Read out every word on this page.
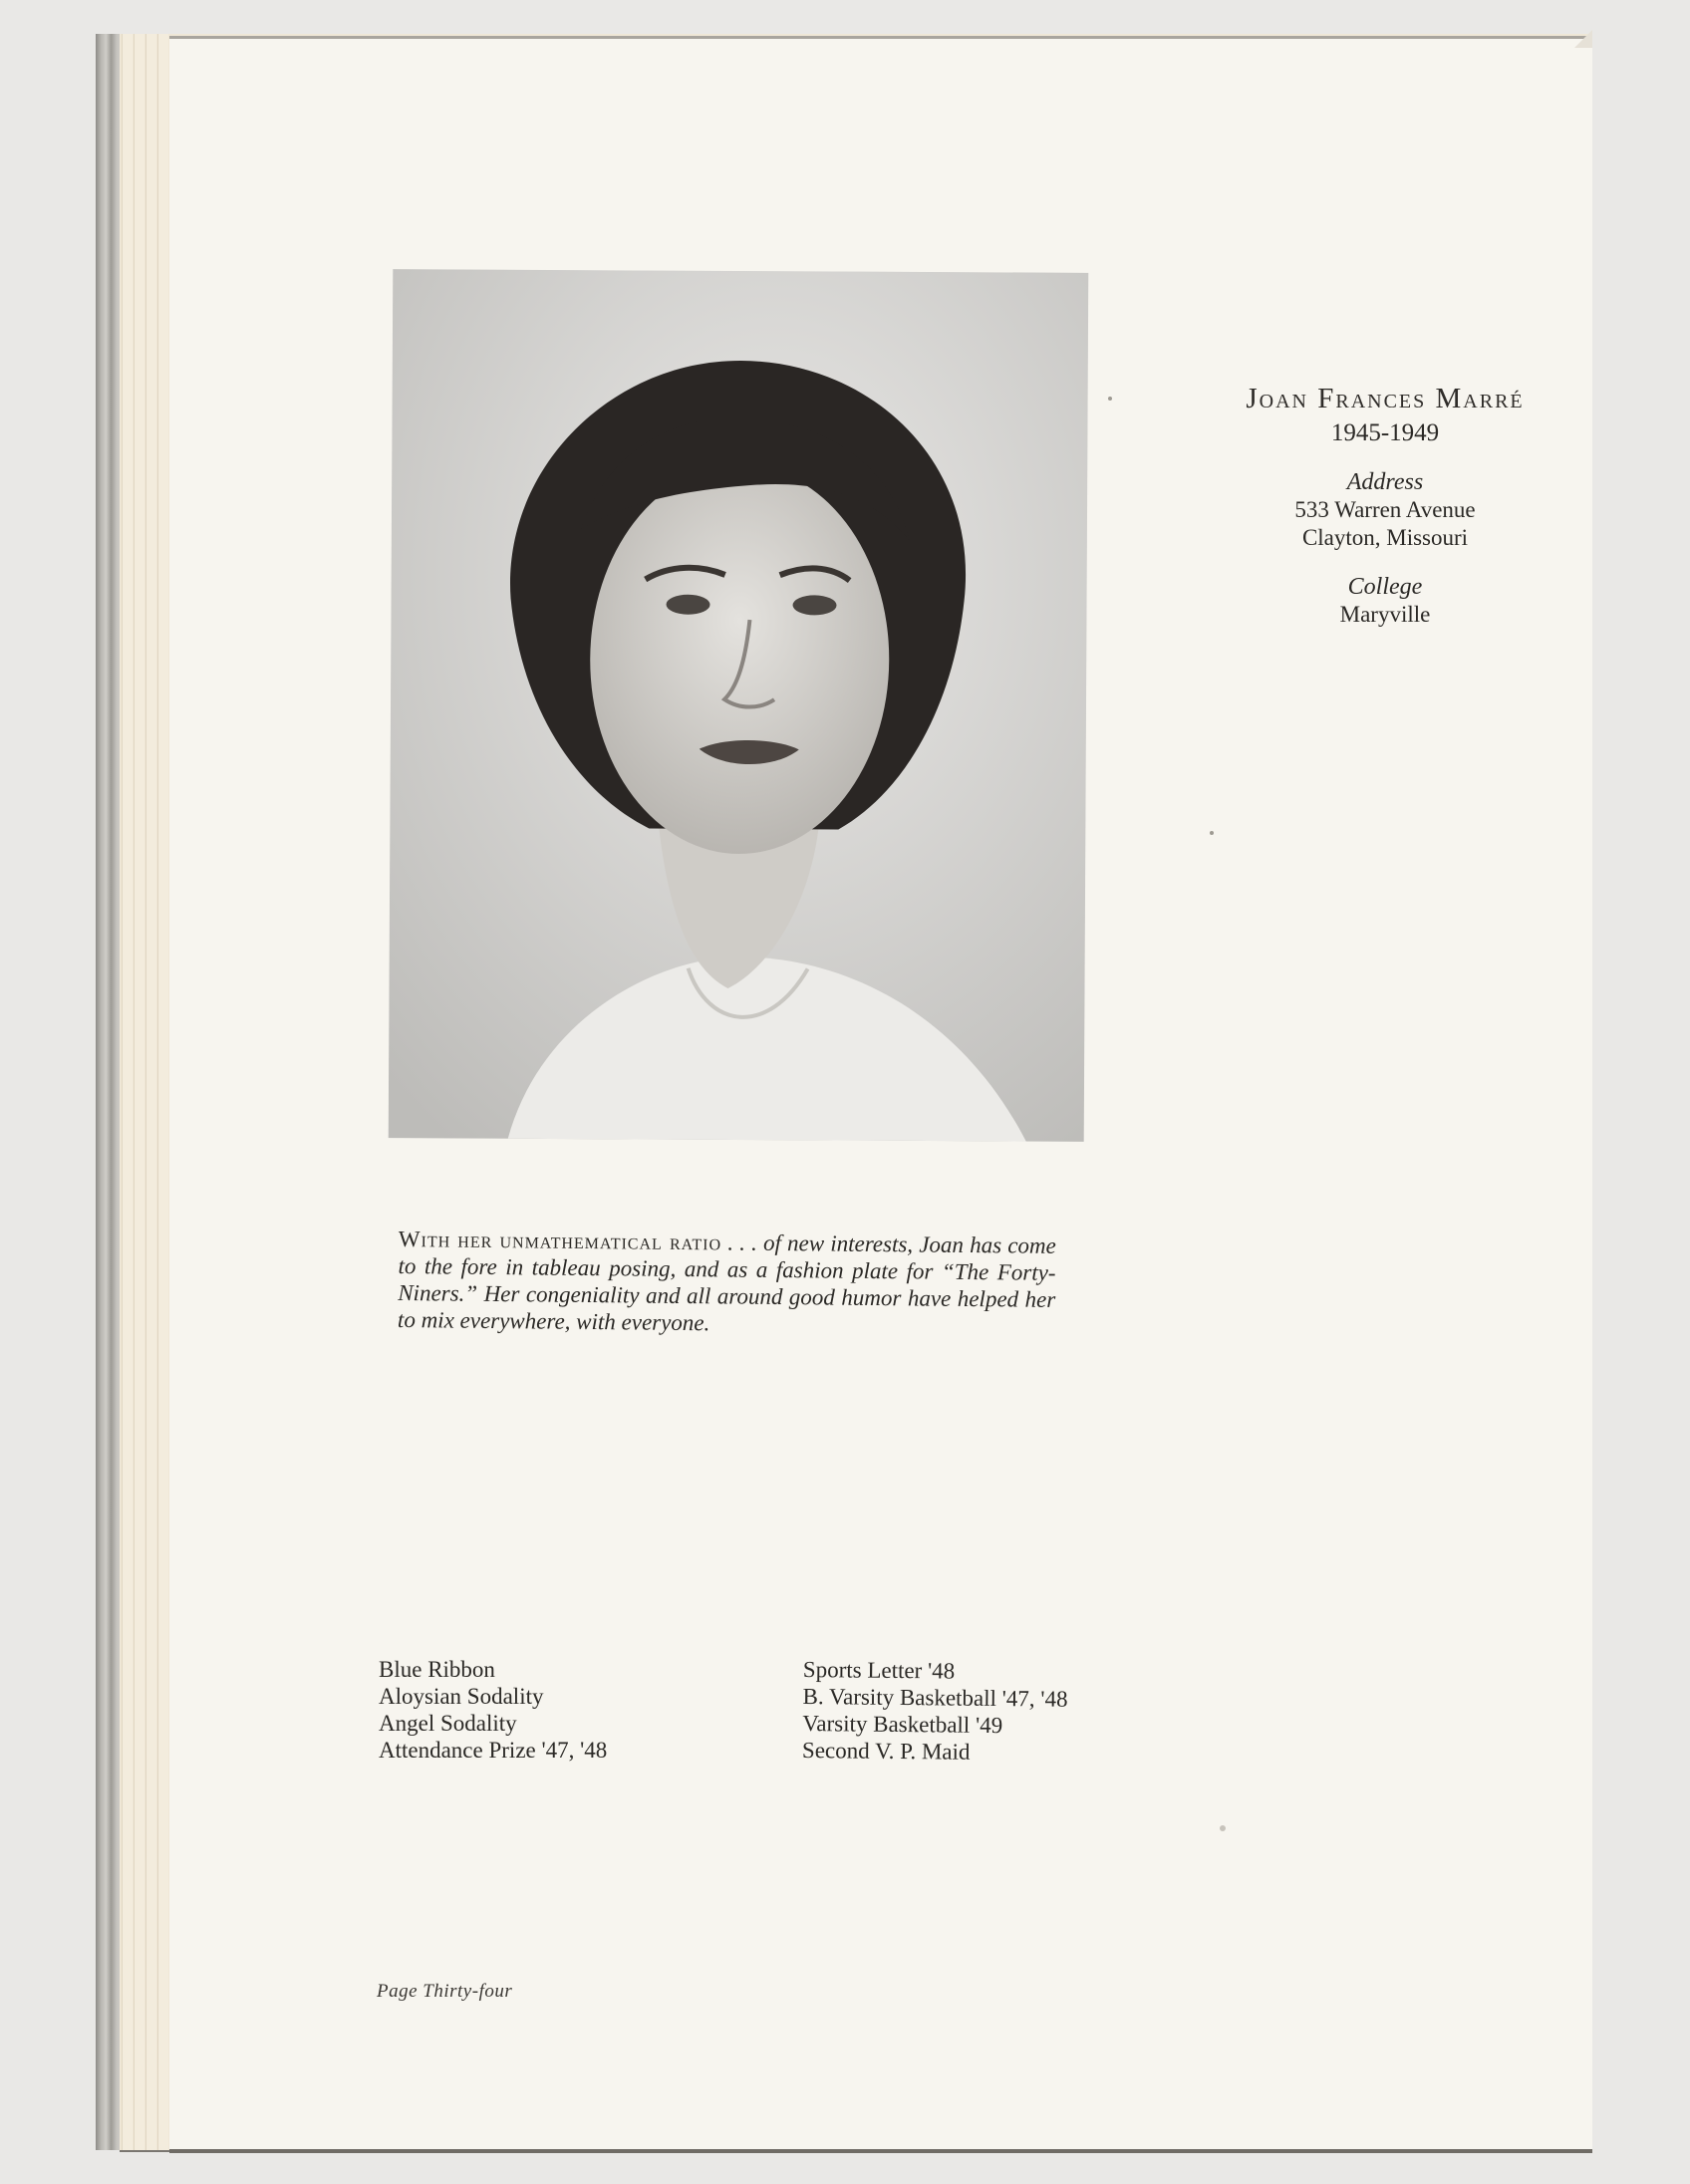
Joan Frances Marré
1945-1949
Address
533 Warren Avenue
Clayton, Missouri
College
Maryville
With her unmathematical ratio . . . of new interests, Joan has come to the fore in tableau posing, and as a fashion plate for “The Forty-Niners.” Her congeniality and all around good humor have helped her to mix everywhere, with everyone.
Blue Ribbon
Aloysian Sodality
Angel Sodality
Attendance Prize '47, '48
Sports Letter '48
B. Varsity Basketball '47, '48
Varsity Basketball '49
Second V. P. Maid
Page Thirty-four
